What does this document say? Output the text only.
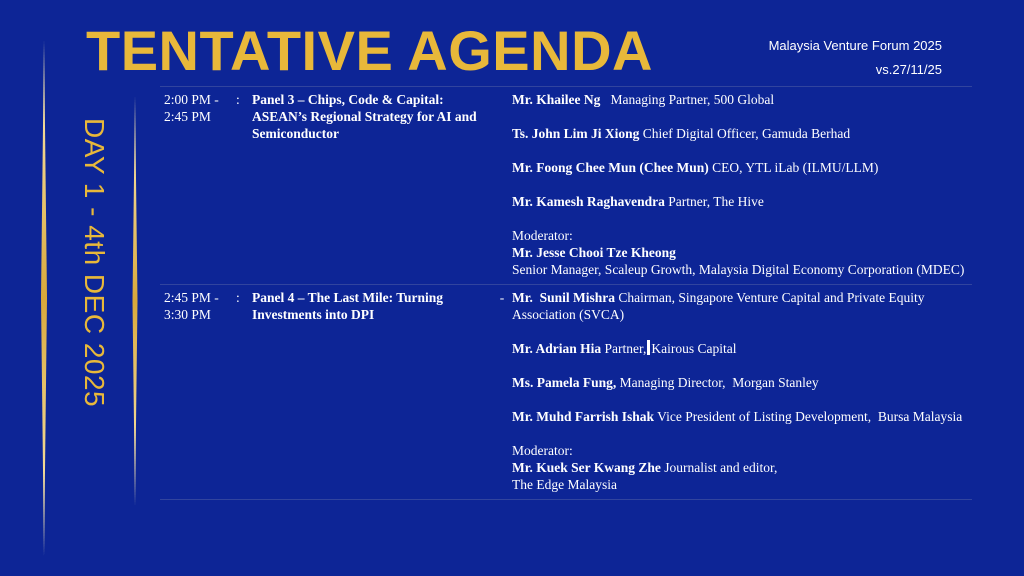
TENTATIVE AGENDA	Malaysia Venture Forum 2025
vs.27/11/25
DAY 1 - 4th DEC 2025
2:00 PM -
2:45 PM
: Panel 3 – Chips, Code & Capital: ASEAN’s Regional Strategy for AI and Semiconductor
Mr. Khailee Ng   Managing Partner, 500 Global
Ts. John Lim Ji Xiong Chief Digital Officer, Gamuda Berhad
Mr. Foong Chee Mun (Chee Mun) CEO, YTL iLab (ILMU/LLM)
Mr. Kamesh Raghavendra Partner, The Hive
Moderator:
Mr. Jesse Chooi Tze Kheong
Senior Manager, Scaleup Growth, Malaysia Digital Economy Corporation (MDEC)
2:45 PM -
3:30 PM
: Panel 4 – The Last Mile: Turning Investments into DPI
- Mr.  Sunil Mishra Chairman, Singapore Venture Capital and Private Equity Association (SVCA)
Mr. Adrian Hia Partner, Kairous Capital
Ms. Pamela Fung, Managing Director,  Morgan Stanley
Mr. Muhd Farrish Ishak Vice President of Listing Development,  Bursa Malaysia
Moderator:
Mr. Kuek Ser Kwang Zhe Journalist and editor,
The Edge Malaysia
